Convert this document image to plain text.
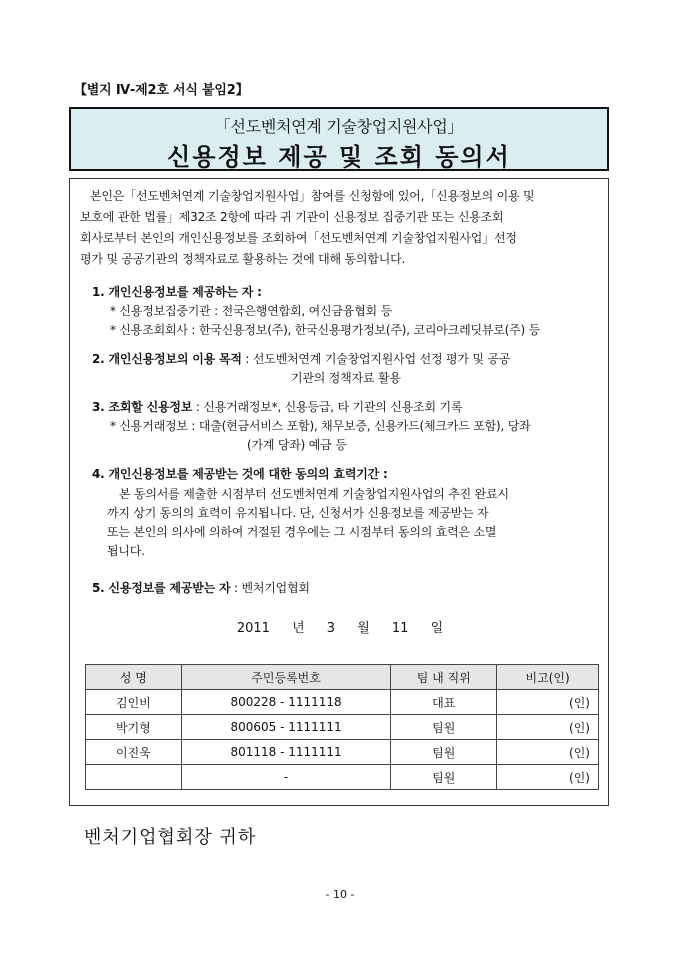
【별지 Ⅳ-제2호 서식 붙임2】
「선도벤처연계 기술창업지원사업」
신용정보 제공 및 조회 동의서
본인은「선도벤처연계 기술창업지원사업」참여를 신청함에 있어,「신용정보의 이용 및
보호에 관한 법률」제32조 2항에 따라 귀 기관이 신용정보 집중기관 또는 신용조회
회사로부터 본인의 개인신용정보를 조회하여「선도벤처연계 기술창업지원사업」선정
평가 및 공공기관의 정책자료로 활용하는 것에 대해 동의합니다.
1. 개인신용정보를 제공하는 자 :
* 신용정보집중기관 : 전국은행연합회, 여신금융협회 등
* 신용조회회사 : 한국신용정보(주), 한국신용평가정보(주), 코리아크레딧뷰로(주) 등
2. 개인신용정보의 이용 목적 : 선도벤처연계 기술창업지원사업 선정 평가 및 공공
기관의 정책자료 활용
3. 조회할 신용정보 : 신용거래정보*, 신용등급, 타 기관의 신용조회 기록
* 신용거래정보 : 대출(현금서비스 포함), 채무보증, 신용카드(체크카드 포함), 당좌
(가계 당좌) 예금 등
4. 개인신용정보를 제공받는 것에 대한 동의의 효력기간 :
본 동의서를 제출한 시점부터 선도벤처연계 기술창업지원사업의 추진 완료시
까지 상기 동의의 효력이 유지됩니다. 단, 신청서가 신용정보를 제공받는 자
또는 본인의 의사에 의하여 거절된 경우에는 그 시점부터 동의의 효력은 소멸
됩니다.
5. 신용정보를 제공받는 자 : 벤처기업협회
2011 년 3 월 11 일
성 명	주민등록번호	팀 내 직위	비고(인)
김인비	800228 - 1111118	대표	(인)
박기형	800605 - 1111111	팀원	(인)
이진욱	801118 - 1111111	팀원	(인)
	-	팀원	(인)
벤처기업협회장 귀하
- 10 -
